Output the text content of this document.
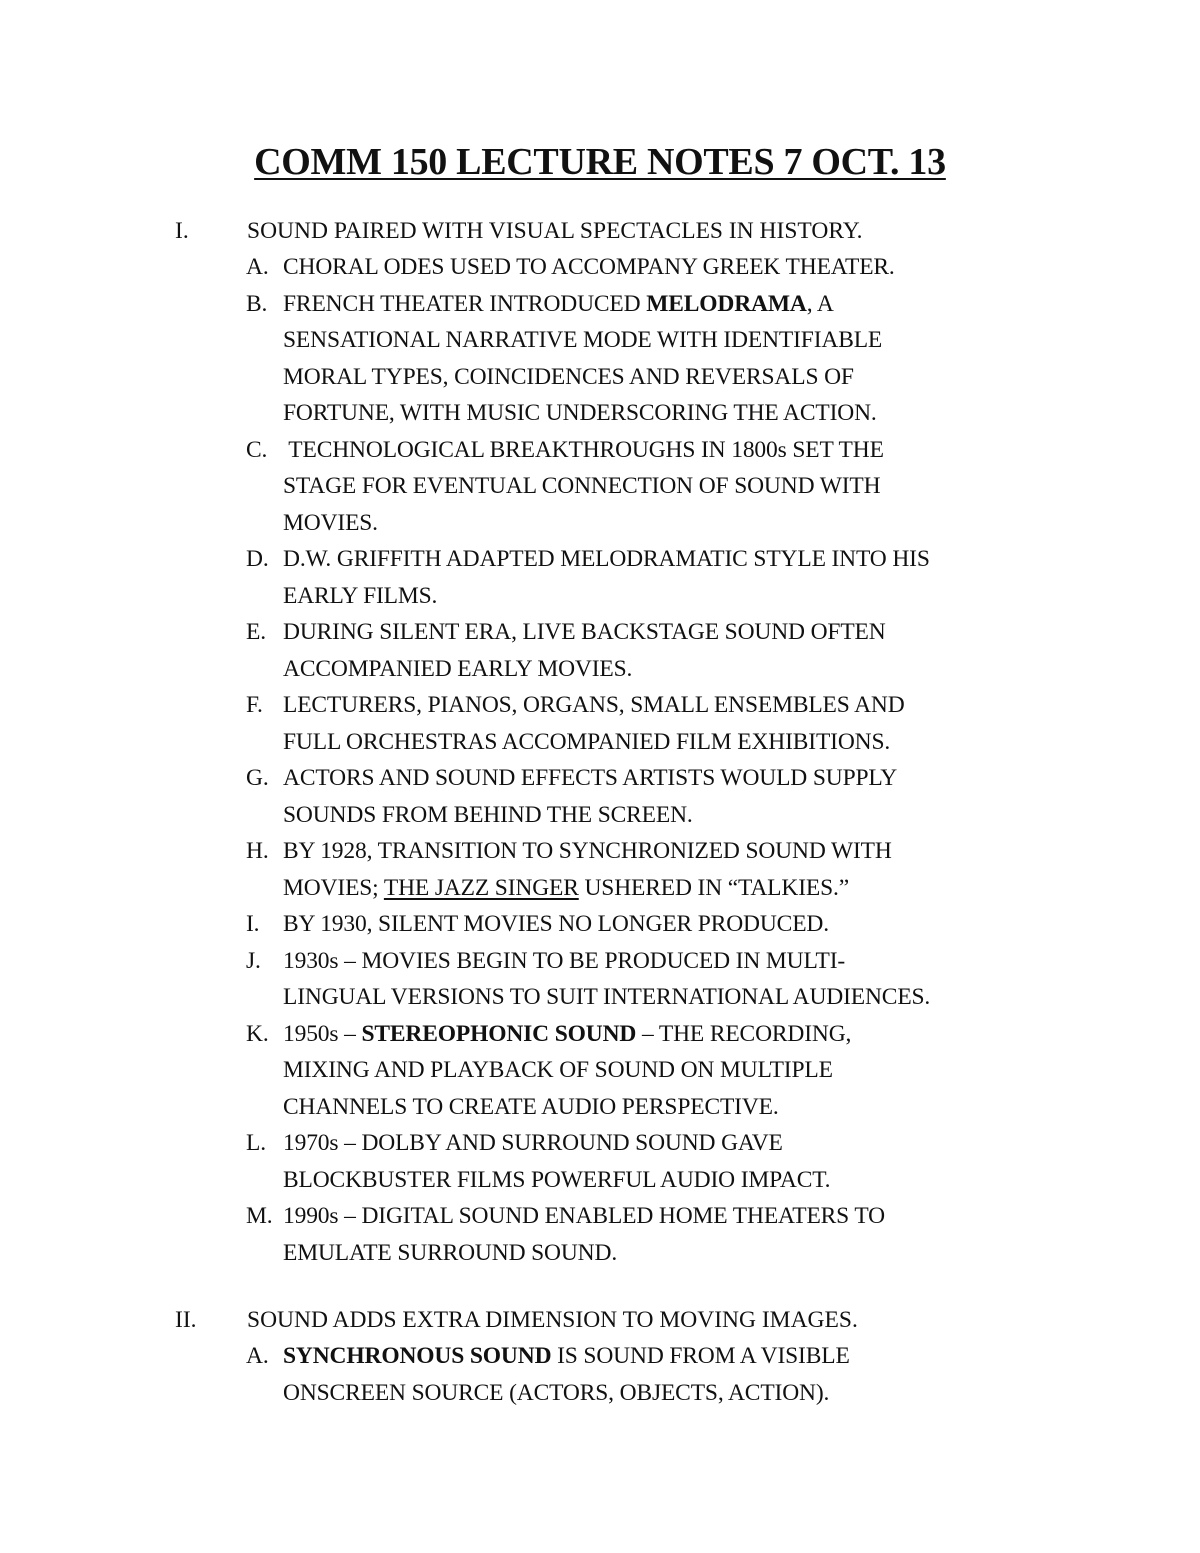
COMM 150 LECTURE NOTES 7 OCT. 13
I. SOUND PAIRED WITH VISUAL SPECTACLES IN HISTORY.
A. CHORAL ODES USED TO ACCOMPANY GREEK THEATER.
B. FRENCH THEATER INTRODUCED MELODRAMA, A
SENSATIONAL NARRATIVE MODE WITH IDENTIFIABLE
MORAL TYPES, COINCIDENCES AND REVERSALS OF
FORTUNE, WITH MUSIC UNDERSCORING THE ACTION.
C. TECHNOLOGICAL BREAKTHROUGHS IN 1800s SET THE
STAGE FOR EVENTUAL CONNECTION OF SOUND WITH
MOVIES.
D. D.W. GRIFFITH ADAPTED MELODRAMATIC STYLE INTO HIS
EARLY FILMS.
E. DURING SILENT ERA, LIVE BACKSTAGE SOUND OFTEN
ACCOMPANIED EARLY MOVIES.
F. LECTURERS, PIANOS, ORGANS, SMALL ENSEMBLES AND
FULL ORCHESTRAS ACCOMPANIED FILM EXHIBITIONS.
G. ACTORS AND SOUND EFFECTS ARTISTS WOULD SUPPLY
SOUNDS FROM BEHIND THE SCREEN.
H. BY 1928, TRANSITION TO SYNCHRONIZED SOUND WITH
MOVIES; THE JAZZ SINGER USHERED IN “TALKIES.”
I. BY 1930, SILENT MOVIES NO LONGER PRODUCED.
J. 1930s – MOVIES BEGIN TO BE PRODUCED IN MULTI-
LINGUAL VERSIONS TO SUIT INTERNATIONAL AUDIENCES.
K. 1950s – STEREOPHONIC SOUND – THE RECORDING,
MIXING AND PLAYBACK OF SOUND ON MULTIPLE
CHANNELS TO CREATE AUDIO PERSPECTIVE.
L. 1970s – DOLBY AND SURROUND SOUND GAVE
BLOCKBUSTER FILMS POWERFUL AUDIO IMPACT.
M. 1990s – DIGITAL SOUND ENABLED HOME THEATERS TO
EMULATE SURROUND SOUND.
II. SOUND ADDS EXTRA DIMENSION TO MOVING IMAGES.
A. SYNCHRONOUS SOUND IS SOUND FROM A VISIBLE
ONSCREEN SOURCE (ACTORS, OBJECTS, ACTION).
